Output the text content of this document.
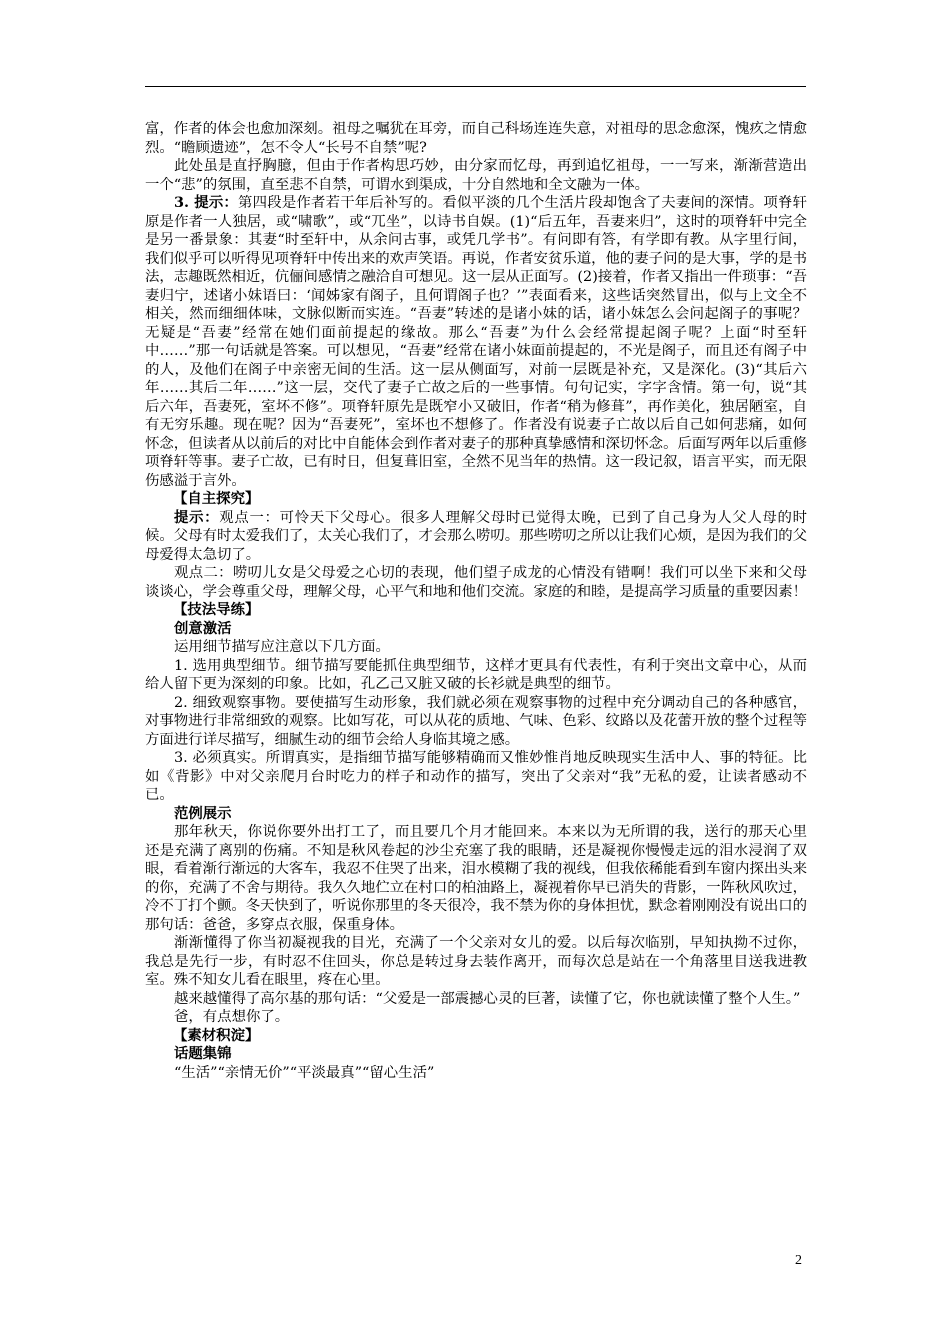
富，作者的体会也愈加深刻。祖母之嘱犹在耳旁，而自己科场连连失意，对祖母的思念愈深，愧疚之情愈烈。“瞻顾遗迹”，怎不令人“长号不自禁”呢?

此处虽是直抒胸臆，但由于作者构思巧妙，由分家而忆母，再到追忆祖母，一一写来，渐渐营造出一个“悲”的氛围，直至悲不自禁，可谓水到渠成，十分自然地和全文融为一体。

3. 提示：第四段是作者若干年后补写的。看似平淡的几个生活片段却饱含了夫妻间的深情。项脊轩原是作者一人独居，或“啸歌”，或“兀坐”，以诗书自娱。(1)“后五年，吾妻来归”，这时的项脊轩中完全是另一番景象：其妻“时至轩中，从余问古事，或凭几学书”。有问即有答，有学即有教。从字里行间，我们似乎可以听得见项脊轩中传出来的欢声笑语。再说，作者安贫乐道，他的妻子问的是大事，学的是书法，志趣既然相近，伉俪间感情之融洽自可想见。这一层从正面写。(2)接着，作者又指出一件琐事：“吾妻归宁，述诸小妹语曰：‘闻姊家有阁子，且何谓阁子也？’”表面看来，这些话突然冒出，似与上文全不相关，然而细细体味，文脉似断而实连。“吾妻”转述的是诸小妹的话，诸小妹怎么会问起阁子的事呢？无疑是“吾妻”经常在她们面前提起的缘故。那么“吾妻”为什么会经常提起阁子呢？上面“时至轩中……”那一句话就是答案。可以想见，“吾妻”经常在诸小妹面前提起的，不光是阁子，而且还有阁子中的人，及他们在阁子中亲密无间的生活。这一层从侧面写，对前一层既是补充，又是深化。(3)“其后六年……其后二年……”这一层，交代了妻子亡故之后的一些事情。句句记实，字字含情。第一句，说“其后六年，吾妻死，室坏不修”。项脊轩原先是既窄小又破旧，作者“稍为修葺”，再作美化，独居陋室，自有无穷乐趣。现在呢？因为“吾妻死”，室坏也不想修了。作者没有说妻子亡故以后自己如何悲痛，如何怀念，但读者从以前后的对比中自能体会到作者对妻子的那种真挚感情和深切怀念。后面写两年以后重修项脊轩等事。妻子亡故，已有时日，但复葺旧室，全然不见当年的热情。这一段记叙，语言平实，而无限伤感溢于言外。

【自主探究】

提示：观点一：可怜天下父母心。很多人理解父母时已觉得太晚，已到了自己身为人父人母的时候。父母有时太爱我们了，太关心我们了，才会那么唠叨。那些唠叨之所以让我们心烦，是因为我们的父母爱得太急切了。

观点二：唠叨儿女是父母爱之心切的表现，他们望子成龙的心情没有错啊！我们可以坐下来和父母谈谈心，学会尊重父母，理解父母，心平气和地和他们交流。家庭的和睦，是提高学习质量的重要因素！

【技法导练】

创意激活

运用细节描写应注意以下几方面。

1. 选用典型细节。细节描写要能抓住典型细节，这样才更具有代表性，有利于突出文章中心，从而给人留下更为深刻的印象。比如，孔乙己又脏又破的长衫就是典型的细节。

2. 细致观察事物。要使描写生动形象，我们就必须在观察事物的过程中充分调动自己的各种感官，对事物进行非常细致的观察。比如写花，可以从花的质地、气味、色彩、纹路以及花蕾开放的整个过程等方面进行详尽描写，细腻生动的细节会给人身临其境之感。

3. 必须真实。所谓真实，是指细节描写能够精确而又惟妙惟肖地反映现实生活中人、事的特征。比如《背影》中对父亲爬月台时吃力的样子和动作的描写，突出了父亲对“我”无私的爱，让读者感动不已。

范例展示

那年秋天，你说你要外出打工了，而且要几个月才能回来。本来以为无所谓的我，送行的那天心里还是充满了离别的伤痛。不知是秋风卷起的沙尘充塞了我的眼睛，还是凝视你慢慢走远的泪水浸润了双眼，看着渐行渐远的大客车，我忍不住哭了出来，泪水模糊了我的视线，但我依稀能看到车窗内探出头来的你，充满了不舍与期待。我久久地伫立在村口的柏油路上，凝视着你早已消失的背影，一阵秋风吹过，冷不丁打个颤。冬天快到了，听说你那里的冬天很冷，我不禁为你的身体担忧，默念着刚刚没有说出口的那句话：爸爸，多穿点衣服，保重身体。

渐渐懂得了你当初凝视我的目光，充满了一个父亲对女儿的爱。以后每次临别，早知执拗不过你，我总是先行一步，有时忍不住回头，你总是转过身去装作离开，而每次总是站在一个角落里目送我进教室。殊不知女儿看在眼里，疼在心里。

越来越懂得了高尔基的那句话：“父爱是一部震撼心灵的巨著，读懂了它，你也就读懂了整个人生。”

爸，有点想你了。

【素材积淀】

话题集锦

“生活”“亲情无价”“平淡最真”“留心生活”

2
